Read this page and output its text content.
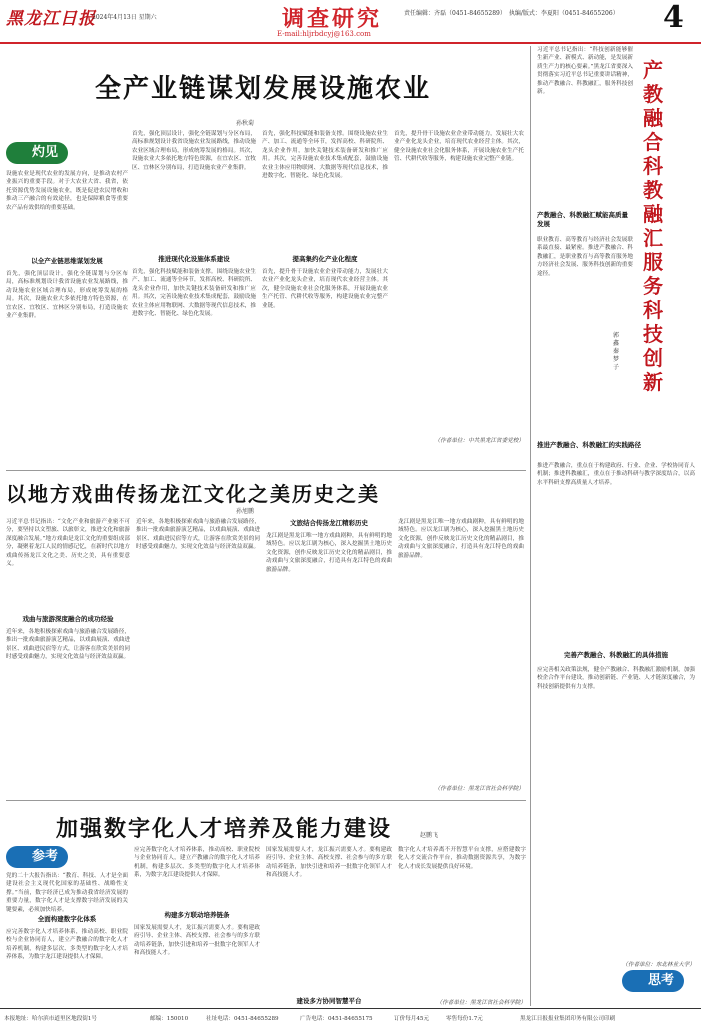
黑龙江日报
2024年4月13日 星期六	调查研究
E-mail:hljrbdcyj@163.com
责任编辑：齐磊（0451-84655289）　执编/版式：李夏阳（0451-84655206） 4
习近平总书记指出：“科技创新能够催生新产业、新模式、新动能，是发展新质生产力的核心要素。”黑龙江省要深入贯彻落实习近平总书记重要讲话精神，推动产教融合、科教融汇，服务科技创新。
产教融合科教融汇服务科技创新
郭鑫 秦梦子
产教融合、科教融汇赋能高质量发展
职业教育、高等教育与经济社会发展联系最直接、最紧密。推进产教融合、科教融汇，是职业教育与高等教育服务地方经济社会发展、服务科技创新的重要途径。
推进产教融合、科教融汇的实践路径
推进产教融合，重点在于构建政府、行业、企业、学校协同育人机制；推进科教融汇，重点在于推动科研与教学深度结合，以高水平科研支撑高质量人才培养。
完善产教融合、科教融汇的具体措施
应完善相关政策法规，健全产教融合、科教融汇激励机制，加强校企合作平台建设，推动创新链、产业链、人才链深度融合，为科技创新提供有力支撑。
（作者单位：东北林业大学）
思考
全产业链谋划发展设施农业
孙秋菊
灼见
设施农业是现代农业的发展方向，是推动农村产业振兴的重要手段。对于大农业大省、我省，依托资源优势发展设施农业，既是促进农民增收和推动三产融合的有效途径，也是保障粮食等重要农产品有效供给的重要基础。
以全产业链思维谋划发展
首先，强化顶层设计，强化全链谋划与分区布局，高标准规划设计我省设施农业发展路线，推动设施农业区域合理布局，形成统筹发展的格局。其次，设施农业大多依托地方特色资源，在宜农区、宜牧区、宜林区分别布局，打造设施农业产业集群。
首先，强化顶层设计，强化全链谋划与分区布局，高标准规划设计我省设施农业发展路线，推动设施农业区域合理布局，形成统筹发展的格局。其次，设施农业大多依托地方特色资源，在宜农区、宜牧区、宜林区分别布局，打造设施农业产业集群。
推进现代化设施体系建设
首先，强化科技赋能和装备支撑。围绕设施农业生产、加工、流通等全环节，发挥高校、科研院所、龙头企业作用，加快关键技术装备研发和推广应用。其次，完善设施农业技术集成配套，鼓励设施农业主体应用物联网、大数据等现代信息技术，推进数字化、智能化、绿色化发展。
首先，强化科技赋能和装备支撑。围绕设施农业生产、加工、流通等全环节，发挥高校、科研院所、龙头企业作用，加快关键技术装备研发和推广应用。其次，完善设施农业技术集成配套，鼓励设施农业主体应用物联网、大数据等现代信息技术，推进数字化、智能化、绿色化发展。
提高集约化产业化程度
首先，提升骨干设施农业企业带动能力，发展壮大农业产业化龙头企业，培育现代农业经营主体。其次，健全设施农业社会化服务体系，开展设施农业生产托管、代耕代收等服务，构建设施农业完整产业链。
首先，提升骨干设施农业企业带动能力，发展壮大农业产业化龙头企业，培育现代农业经营主体。其次，健全设施农业社会化服务体系，开展设施农业生产托管、代耕代收等服务，构建设施农业完整产业链。
（作者单位：中共黑龙江省委党校）
以地方戏曲传扬龙江文化之美历史之美
孙旭鹏
习近平总书记指出：“文化产业和旅游产业密不可分，要坚持以文塑旅、以旅彰文，推进文化和旅游深度融合发展。”地方戏曲是龙江文化的重要组成部分，凝聚着龙江人民的情感记忆，在新时代以地方戏曲传扬龙江文化之美、历史之美，具有重要意义。
戏曲与旅游深度融合的成功经验
近年来，各地积极探索戏曲与旅游融合发展路径，推出一批戏曲旅游演艺精品，以戏曲展演、戏曲进景区、戏曲进民宿等方式，让游客在欣赏美景的同时感受戏曲魅力，实现文化效益与经济效益双赢。
近年来，各地积极探索戏曲与旅游融合发展路径，推出一批戏曲旅游演艺精品，以戏曲展演、戏曲进景区、戏曲进民宿等方式，让游客在欣赏美景的同时感受戏曲魅力，实现文化效益与经济效益双赢。
文旅结合传扬龙江精彩历史
龙江剧是黑龙江唯一地方戏曲剧种，具有鲜明的地域特色。应以龙江剧为核心，深入挖掘黑土地历史文化资源，创作反映龙江历史文化的精品剧目，推动戏曲与文旅深度融合，打造具有龙江特色的戏曲旅游品牌。
龙江剧是黑龙江唯一地方戏曲剧种，具有鲜明的地域特色。应以龙江剧为核心，深入挖掘黑土地历史文化资源，创作反映龙江历史文化的精品剧目，推动戏曲与文旅深度融合，打造具有龙江特色的戏曲旅游品牌。
（作者单位：黑龙江省社会科学院）
加强数字化人才培养及能力建设	赵鹏飞
参考
党的二十大报告指出：“教育、科技、人才是全面建设社会主义现代化国家的基础性、战略性支撑。”当前，数字经济已成为推动我省经济发展的重要力量，数字化人才是支撑数字经济发展的关键要素，必须加快培养。
全面构建数字化体系
应完善数字化人才培养体系，推动高校、职业院校与企业协同育人，建立产教融合的数字化人才培养机制，构建多层次、多类型的数字化人才培养体系，为数字龙江建设提供人才保障。
应完善数字化人才培养体系，推动高校、职业院校与企业协同育人，建立产教融合的数字化人才培养机制，构建多层次、多类型的数字化人才培养体系，为数字龙江建设提供人才保障。
构建多方联动培养链条
国家发展需要人才，龙江振兴需要人才。要构建政府引导、企业主体、高校支撑、社会参与的多方联动培养链条，加快引进和培养一批数字化领军人才和高技能人才。
国家发展需要人才，龙江振兴需要人才。要构建政府引导、企业主体、高校支撑、社会参与的多方联动培养链条，加快引进和培养一批数字化领军人才和高技能人才。
建设多方协同智慧平台
数字化人才培养离不开智慧平台支撑，应搭建数字化人才交流合作平台，推动数据资源共享，为数字化人才成长发展提供良好环境。
（作者单位：黑龙江省社会科学院）
本报地址：哈尔滨市道里区地段街1号	邮编：150010	社址电话：0451-84655289	广告电话：0451-84655175	订价每月45元	零售每份1.7元	黑龙江日报报业集团印务有限公司印刷
